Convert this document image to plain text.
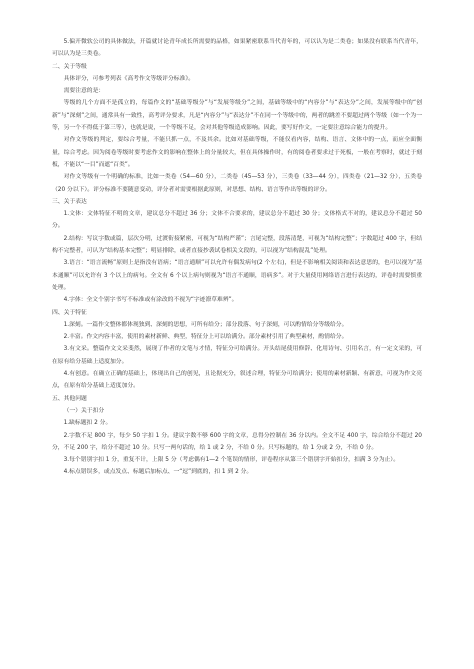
5.偏开微软公司的具体做法，开篇就讨论青年成长所需要的品格，如果紧密联系当代青年的，可以认为是二类卷；如果没有联系当代青年，可以认为是三类卷。

二、关于等级

具体评分，可参考列表《高考作文等级评分标准》。

需要注意的是：

等级的几个方面不是孤立的，每篇作文的“基础等级分”与“发展等级分”之间，基础等级中的“内容分”与“表达分”之间，发展等级中的“创新”与“深刻”之间，通常具有一致性，高考评分要求，凡是“内容分”与“表达分”不在同一个等级中的，两者的跳差不要超过两个等级（如一个为一等，另一个不得低于第三等），也就是说，一个等级不足，会对其他等级造成影响。因此，要写好作文，一定要注意综合能力的提升。

对作文等级的判定，要综合考量，不能只抓一点，不及其余。比如对基础等级，不能仅看内容，结构、语言、文体中的一点，而应全面衡量，综合考虑。因为阅卷等级时要考虑作文的影响在整体上的分量较大，但在具体操作时，有的阅卷者要求过于死板，一般在考察时，就过于刻板，不能以“一目”而遮“百类”。

对作文等级有一个明确的标准，比如一类卷（54—60 分），二类卷（45—53 分），三类卷（33—44 分），四类卷（21—32 分），五类卷（20 分以下）。评分标准不要随意变动，评分者对需要根据此原则，对思想、结构、语言等作出等级的评分。

三、关于表达

1.文体：文体特征不明的文章，建议总分不超过 36 分；文体不合要求的，建议总分不超过 30 分；文体格式不对的，建议总分不超过 50 分。

2.结构：写议字数或篇，层次分明，过渡衔接紧密，可视为“结构严谨”；言尾完整，段落清楚，可视为“结构完整”；字数超过 400 字，但结构不完整者，可认为“结构基本完整”；明显排除，或者直接抄袭试卷相关文段的，可以视为“结构混乱”处理。

3.语言：“语言流畅”原则上是指没有语病；“语言通顺”可以允许有偶发病句(2 个左右)，但是不影响相关阅读和表达意思的，也可以视为“基本通顺”可以允许有 3 个以上的病句。全文有 6 个以上病句则视为“语言不通顺，语病多”。对于大量使用网络语言进行表达的，评卷时需要慎重处理。

4.字体：全文个别字书写不标准或有涂改的不视为“字迹潦草难辨”。

四、关于特征

1.深刻。一篇作文整体都体现独到、深刻的思想，可所有给分；部分段落、句子深刻，可以酌情给分等级给分。

2.丰富。作文内容丰富，使用的素材新鲜、典型，特征分上可以给满分。部分素材引用了典型素材，酌情给分。

3.有文采。整篇作文文采斐然，展现了作者的文笔与才情，特征分可给满分。开头结尾使用修辞、化用诗句、引用名言，有一定文采的，可在原有给分基础上适度加分。

4.有创意。在确立正确的基础上，体现出自己的创见，且论据充分，叙述合理，特征分可给满分；使用的素材新颖、有新意，可视为作文亮点，在原有给分基础上适度加分。

五、其他问题

（一）关于扣分

1.缺标题扣 2 分。

2.字数不足 800 字，每少 50 字扣 1 分。建议字数不够 600 字的文章，总得分控制在 36 分以内。全文不足 400 字，综合给分不超过 20 分，不足 200 字，给分不超过 10 分。只写一两句话的，给 1 或 2 分，不给 0 分。只写标题的，给 1 分或 2 分，不给 0 分。

3.每个错别字扣 1 分，重复不计，上限 5 分（考虑偶有1—2 个笔误的情形，评卷程序从第三个错别字开始扣分，扣满 3 分为止）。

4.标点错误多，或点发点、标题后加标点、一“逗”到底的，扣 1 到 2 分。
